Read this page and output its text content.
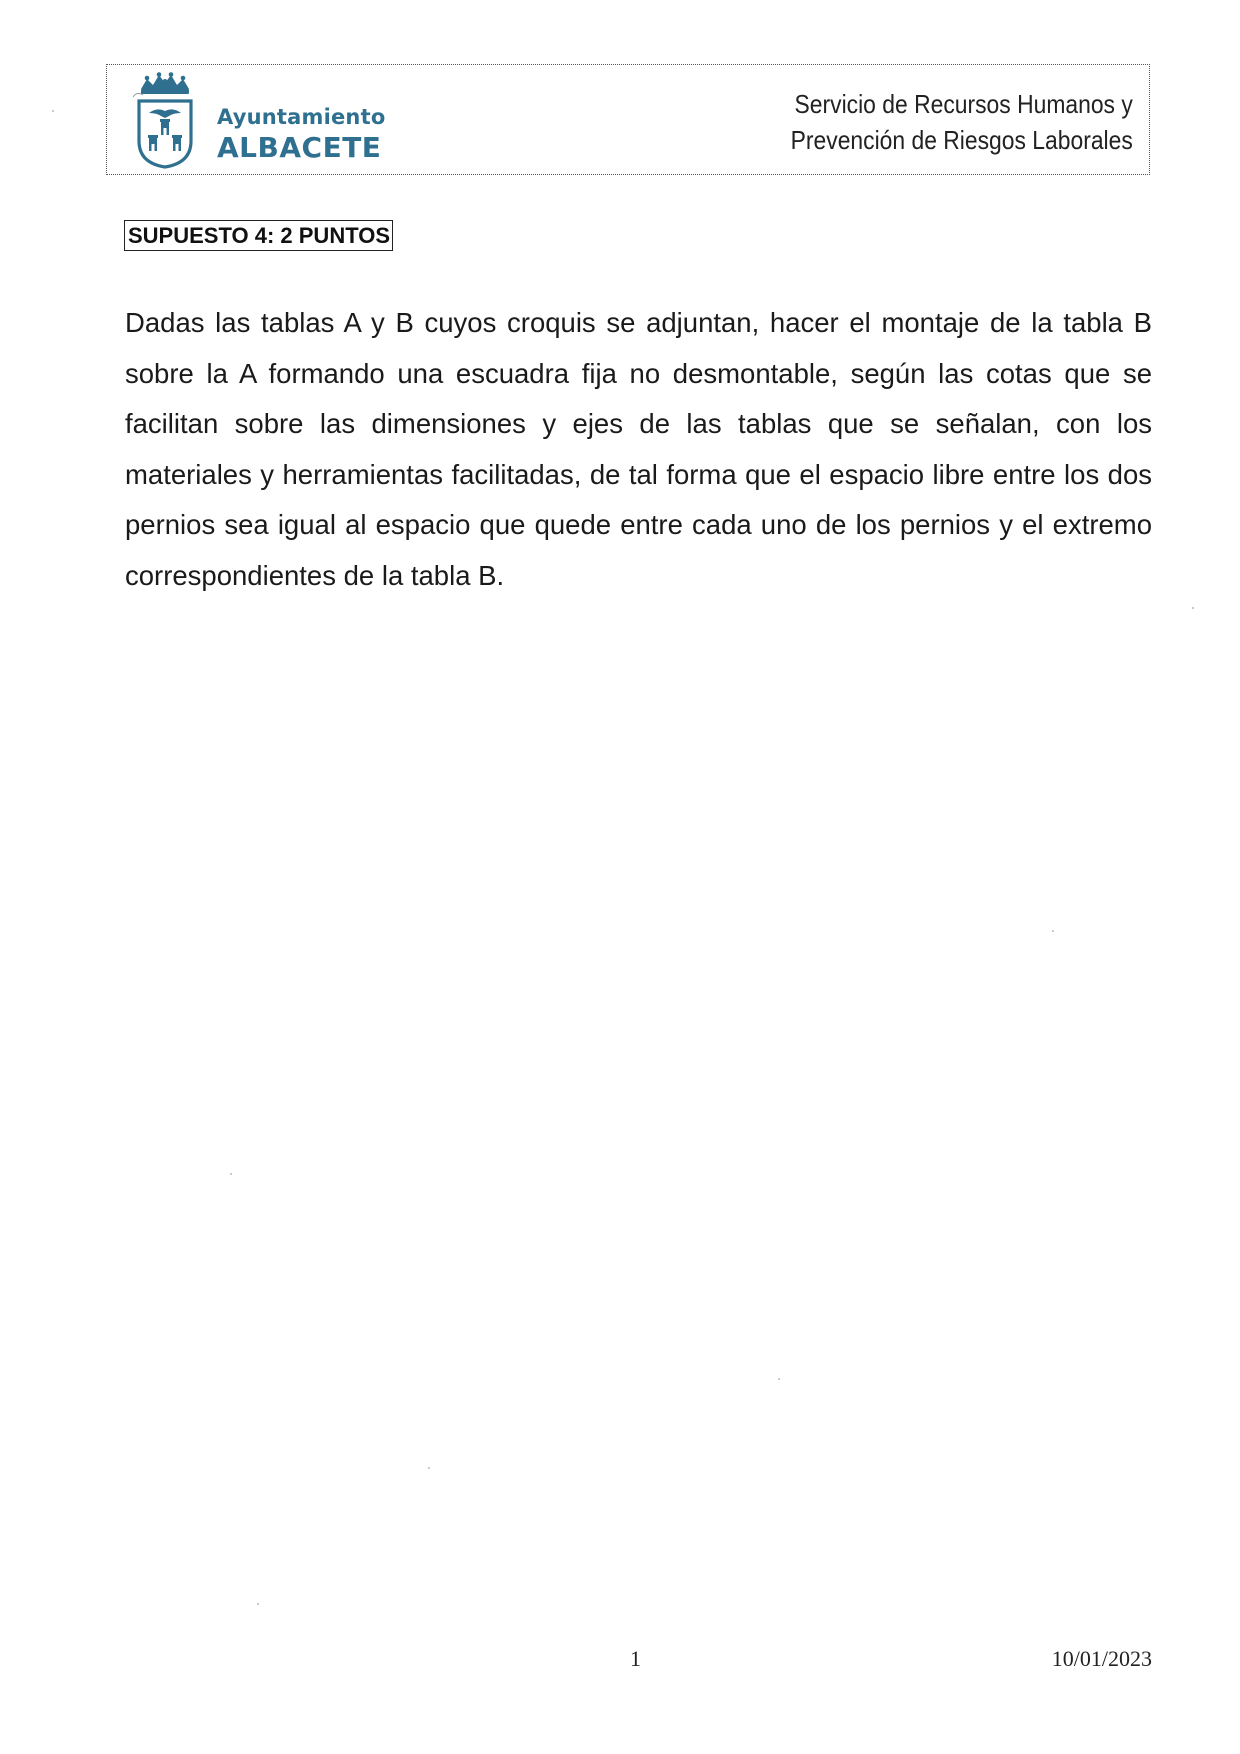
Ayuntamiento
ALBACETE
Servicio de Recursos Humanos y
Prevención de Riesgos Laborales
SUPUESTO 4: 2 PUNTOS

Dadas las tablas A y B cuyos croquis se adjuntan, hacer el montaje de la tabla B sobre la A formando una escuadra fija no desmontable, según las cotas que se facilitan sobre las dimensiones y ejes de las tablas que se señalan, con los materiales y herramientas facilitadas, de tal forma que el espacio libre entre los dos pernios sea igual al espacio que quede entre cada uno de los pernios y el extremo correspondientes de la tabla B.

1	10/01/2023
